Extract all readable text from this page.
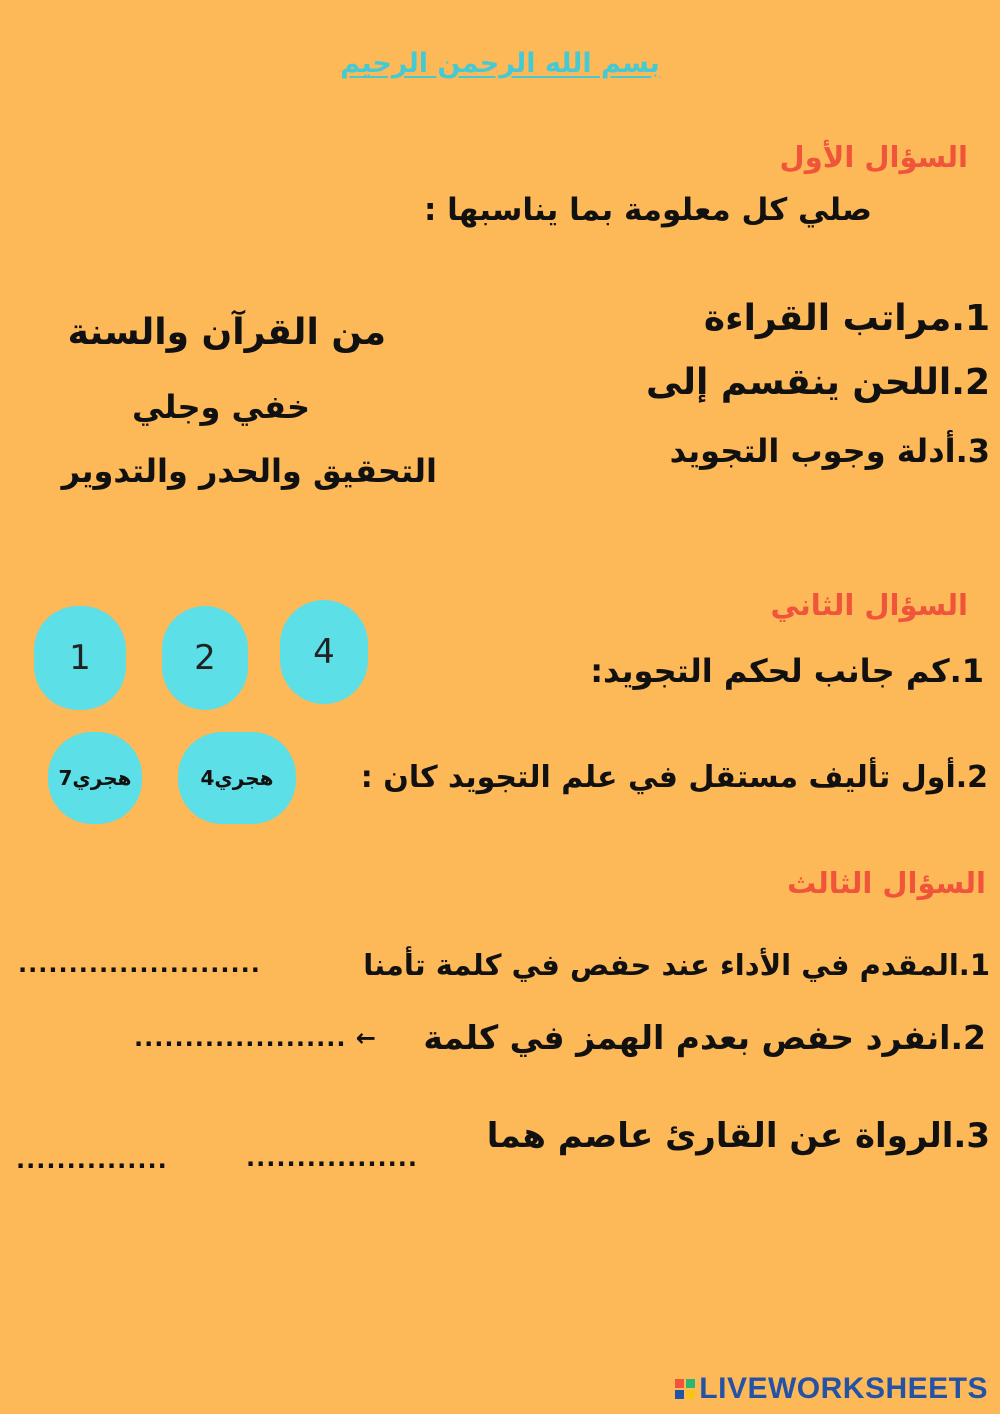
بسم الله الرحمن الرحيم
السؤال الأول
صلي كل معلومة بما يناسبها :
1.مراتب القراءة
2.اللحن ينقسم إلى
3.أدلة وجوب التجويد
من القرآن والسنة
خفي وجلي
التحقيق والحدر والتدوير
السؤال الثاني
1	2	4	1.كم جانب لحكم التجويد:
هجري7	هجري4	2.أول تأليف مستقل في علم التجويد كان :
السؤال الثالث
1.المقدم في الأداء عند حفص في كلمة تأمنا
........................
2.انفرد حفص بعدم الهمز في كلمة
..................... ←
3.الرواة عن القارئ عاصم هما
.................
...............
LIVEWORKSHEETS
